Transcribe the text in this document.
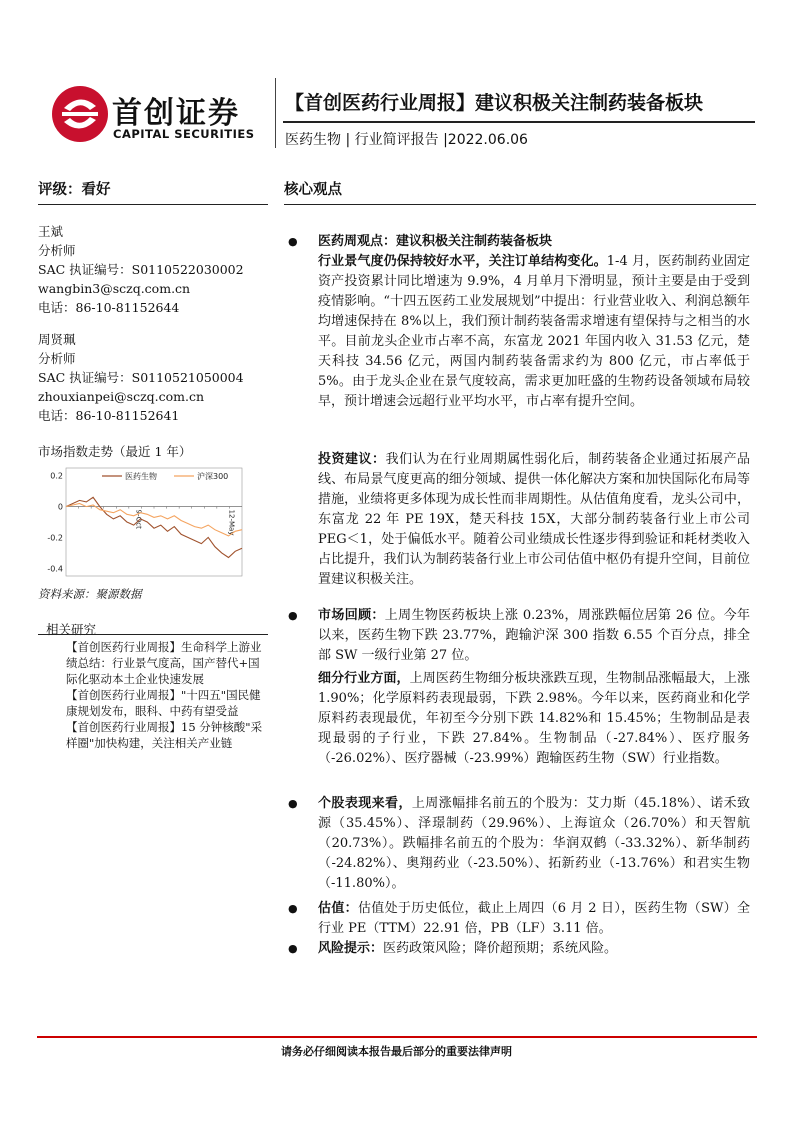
首创证券
CAPITAL SECURITIES
【首创医药行业周报】建议积极关注制药装备板块
医药生物 | 行业简评报告 |2022.06.06
评级：看好	核心观点
王斌
分析师
SAC 执证编号：S0110522030002
wangbin3@sczq.com.cn
电话：86-10-81152644
周贤珮
分析师
SAC 执证编号：S0110521050004
zhouxianpei@sczq.com.cn
电话：86-10-81152641
市场指数走势（最近 1 年）
0.2
0
-0.2
-0.4
9-Oct	12-May
医药生物	沪深300
资料来源：聚源数据
相关研究
【首创医药行业周报】生命科学上游业绩总结：行业景气度高，国产替代+国际化驱动本土企业快速发展
【首创医药行业周报】"十四五"国民健康规划发布，眼科、中药有望受益
【首创医药行业周报】15 分钟核酸"采样圈"加快构建，关注相关产业链
● 医药周观点：建议积极关注制药装备板块
行业景气度仍保持较好水平，关注订单结构变化。1-4 月，医药制药业固定资产投资累计同比增速为 9.9%，4 月单月下滑明显，预计主要是由于受到疫情影响。“十四五医药工业发展规划”中提出：行业营业收入、利润总额年均增速保持在 8%以上，我们预计制药装备需求增速有望保持与之相当的水平。目前龙头企业市占率不高，东富龙 2021 年国内收入 31.53 亿元，楚天科技 34.56 亿元，两国内制药装备需求约为 800 亿元，市占率低于 5%。由于龙头企业在景气度较高，需求更加旺盛的生物药设备领域布局较早，预计增速会远超行业平均水平，市占率有提升空间。
投资建议：我们认为在行业周期属性弱化后，制药装备企业通过拓展产品线、布局景气度更高的细分领域、提供一体化解决方案和加快国际化布局等措施，业绩将更多体现为成长性而非周期性。从估值角度看，龙头公司中，东富龙 22 年 PE 19X，楚天科技 15X，大部分制药装备行业上市公司 PEG＜1，处于偏低水平。随着公司业绩成长性逐步得到验证和耗材类收入占比提升，我们认为制药装备行业上市公司估值中枢仍有提升空间，目前位置建议积极关注。
● 市场回顾：上周生物医药板块上涨 0.23%，周涨跌幅位居第 26 位。今年以来，医药生物下跌 23.77%，跑输沪深 300 指数 6.55 个百分点，排全部 SW 一级行业第 27 位。
细分行业方面，上周医药生物细分板块涨跌互现，生物制品涨幅最大，上涨 1.90%；化学原料药表现最弱，下跌 2.98%。今年以来，医药商业和化学原料药表现最优，年初至今分别下跌 14.82%和 15.45%；生物制品是表现最弱的子行业，下跌 27.84%。生物制品（-27.84%）、医疗服务（-26.02%）、医疗器械（-23.99%）跑输医药生物（SW）行业指数。
● 个股表现来看，上周涨幅排名前五的个股为：艾力斯（45.18%）、诺禾致源（35.45%）、泽璟制药（29.96%）、上海谊众（26.70%）和天智航（20.73%）。跌幅排名前五的个股为：华润双鹤（-33.32%）、新华制药（-24.82%）、奥翔药业（-23.50%）、拓新药业（-13.76%）和君实生物（-11.80%）。
● 估值：估值处于历史低位，截止上周四（6 月 2 日），医药生物（SW）全行业 PE（TTM）22.91 倍，PB（LF）3.11 倍。
● 风险提示：医药政策风险；降价超预期；系统风险。
请务必仔细阅读本报告最后部分的重要法律声明
